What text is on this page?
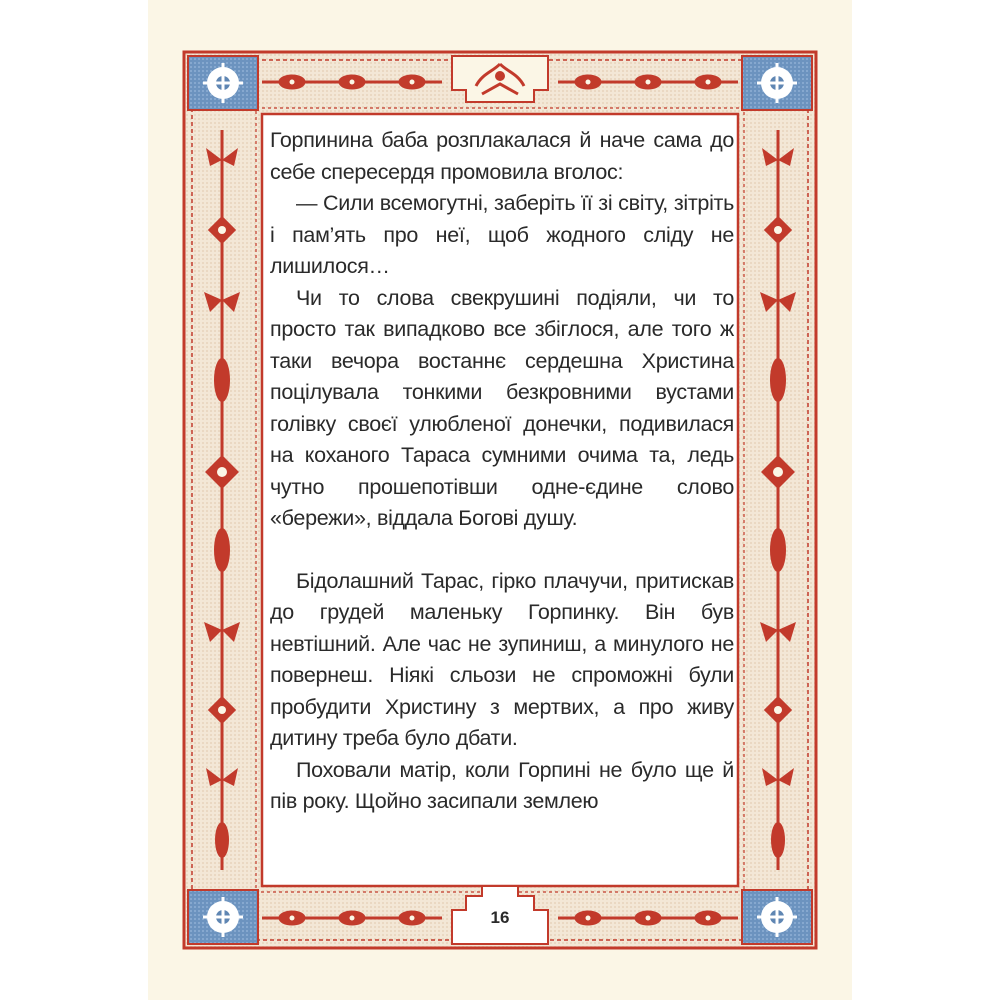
Горпинина баба розплакалася й наче сама до себе спересердя промовила вголос:

— Сили всемогутні, заберіть її зі світу, зітріть і пам’ять про неї, щоб жодного сліду не лишилося…

Чи то слова свекрушині подіяли, чи то просто так випадково все збіглося, але того ж таки вечора востаннє сердешна Христина поцілувала тонкими безкровними вустами голівку своєї улюбленої донечки, подивилася на коханого Тараса сумними очима та, ледь чутно прошепотівши одне-єдине слово «бережи», віддала Богові душу.

Бідолашний Тарас, гірко плачучи, притискав до грудей маленьку Горпинку. Він був невтішний. Але час не зупиниш, а минулого не повернеш. Ніякі сльози не спроможні були пробудити Христину з мертвих, а про живу дитину треба було дбати.

Поховали матір, коли Горпині не було ще й пів року. Щойно засипали землею

16
